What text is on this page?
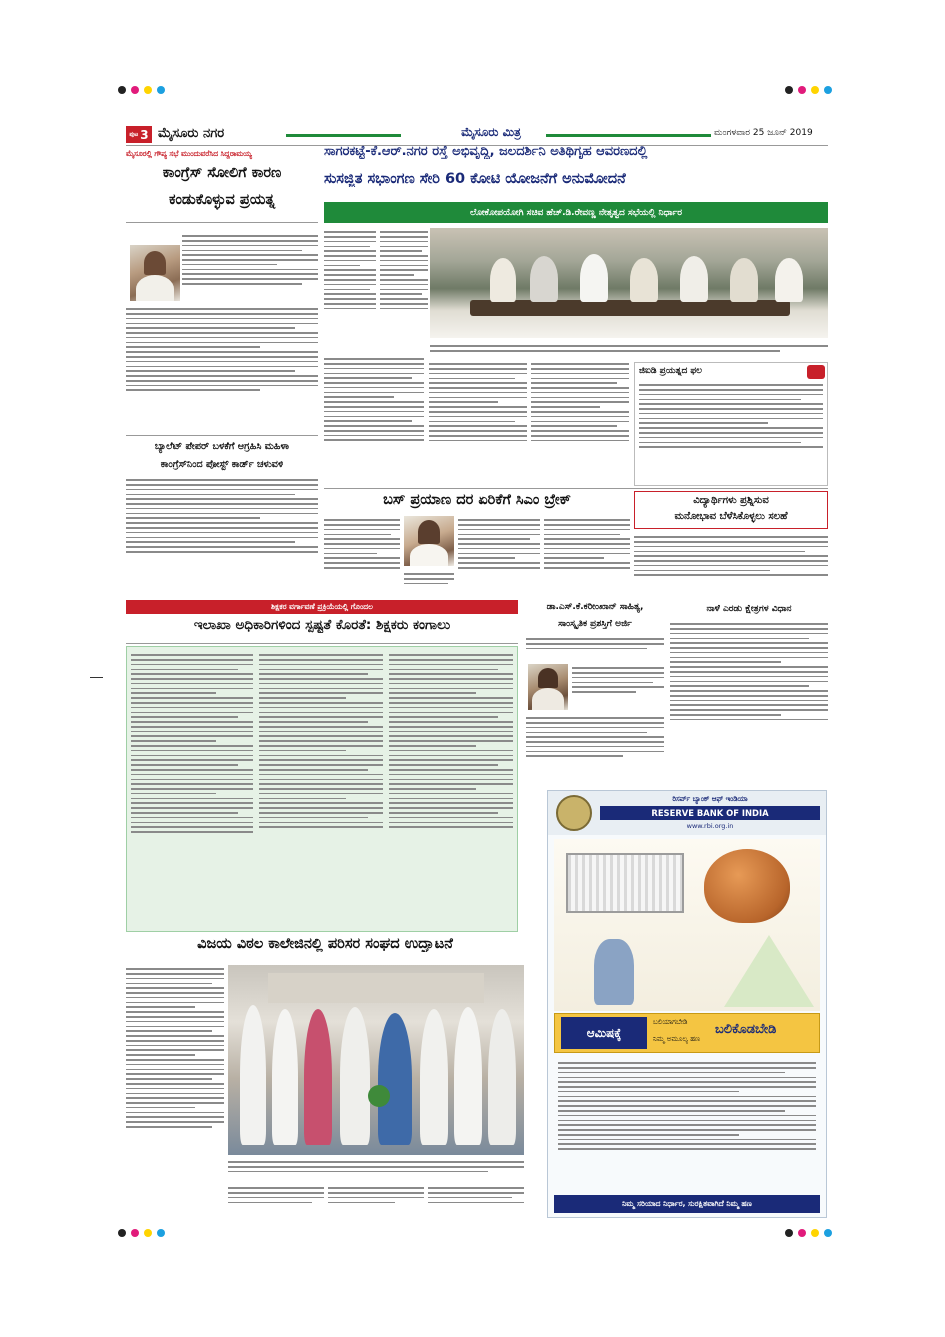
ಪುಟ 3 ಮೈಸೂರು ನಗರ	ಮೈಸೂರು ಮಿತ್ರ	ಮಂಗಳವಾರ 25 ಜೂನ್ 2019
ಮೈಸೂರಲ್ಲಿ ಗೌಪ್ಯ ಸಭೆ ಮುಂದುವರೆಸಿದ ಸಿದ್ದರಾಮಯ್ಯ
ಕಾಂಗ್ರೆಸ್ ಸೋಲಿಗೆ ಕಾರಣ
ಕಂಡುಕೊಳ್ಳುವ ಪ್ರಯತ್ನ
ಬ್ಯಾಲೆಟ್ ಪೇಪರ್ ಬಳಕೆಗೆ ಆಗ್ರಹಿಸಿ ಮಹಿಳಾ
ಕಾಂಗ್ರೆಸ್‌ನಿಂದ ಪೋಸ್ಟ್ ಕಾರ್ಡ್ ಚಳುವಳಿ
ಸಾಗರಕಟ್ಟೆ-ಕೆ.ಆರ್.ನಗರ ರಸ್ತೆ ಅಭಿವೃದ್ಧಿ, ಜಲದರ್ಶಿನಿ ಅತಿಥಿಗೃಹ ಆವರಣದಲ್ಲಿ
ಸುಸಜ್ಜಿತ ಸಭಾಂಗಣ ಸೇರಿ 60 ಕೋಟಿ ಯೋಜನೆಗೆ ಅನುಮೋದನೆ
ಲೋಕೋಪಯೋಗಿ ಸಚಿವ ಹೆಚ್.ಡಿ.ರೇವಣ್ಣ ನೇತೃತ್ವದ ಸಭೆಯಲ್ಲಿ ನಿರ್ಧಾರ
ಜಿಐಡಿ ಪ್ರಯತ್ನದ ಫಲ
ಬಸ್ ಪ್ರಯಾಣ ದರ ಏರಿಕೆಗೆ ಸಿಎಂ ಬ್ರೇಕ್	ವಿದ್ಯಾರ್ಥಿಗಳು ಪ್ರಶ್ನಿಸುವ
ಮನೋಭಾವ ಬೆಳೆಸಿಕೊಳ್ಳಲು ಸಲಹೆ
ಶಿಕ್ಷಕರ ವರ್ಗಾವಣೆ ಪ್ರಕ್ರಿಯೆಯಲ್ಲಿ ಗೊಂದಲ
ಇಲಾಖಾ ಅಧಿಕಾರಿಗಳಿಂದ ಸ್ಪಷ್ಟತೆ ಕೊರತೆ: ಶಿಕ್ಷಕರು ಕಂಗಾಲು
ಡಾ.ಎಸ್.ಕೆ.ಕರೀಂಖಾನ್ ಸಾಹಿತ್ಯ,
ಸಾಂಸ್ಕೃತಿಕ ಪ್ರಶಸ್ತಿಗೆ ಅರ್ಜಿ
ನಾಳೆ ಎರಡು ಕ್ಷೇತ್ರಗಳ ವಿಧಾನ
ರಿಸರ್ವ್ ಬ್ಯಾಂಕ್ ಆಫ್ ಇಂಡಿಯಾ
RESERVE BANK OF INDIA
www.rbi.org.in
ಆಮಿಷಕ್ಕೆ
ಬಲಿಯಾಗಬೇಡಿ
ನಿಮ್ಮ ಅಮೂಲ್ಯ ಹಣ
ಬಲಿಕೊಡಬೇಡಿ
ನಿಮ್ಮ ಸರಿಯಾದ ನಿರ್ಧಾರ, ಸುರಕ್ಷಿತವಾಗಿದೆ ನಿಮ್ಮ ಹಣ
ವಿಜಯ ವಿಠಲ ಕಾಲೇಜಿನಲ್ಲಿ ಪರಿಸರ ಸಂಘದ ಉದ್ಘಾಟನೆ
